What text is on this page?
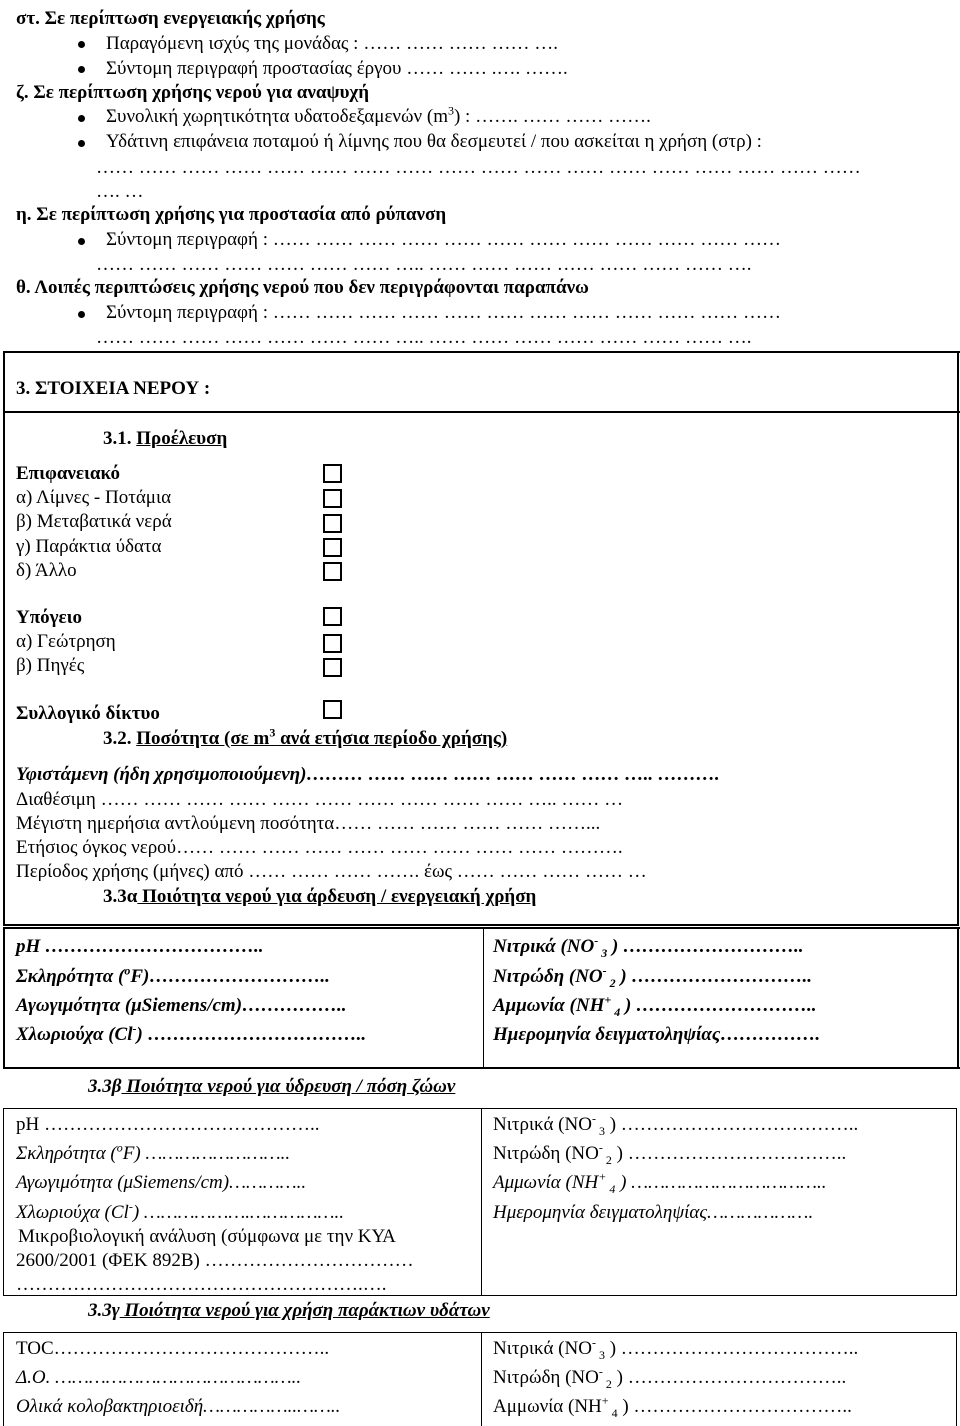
στ. Σε περίπτωση ενεργειακής χρήσης
Παραγόμενη ισχύς της μονάδας : …… …… …… …… ….
Σύντομη περιγραφή προστασίας έργου …… …… .…. …….
ζ. Σε περίπτωση χρήσης νερού για αναψυχή
Συνολική χωρητικότητα υδατοδεξαμενών $(m^3)$ : ……. …… …… …….
Υδάτινη επιφάνεια ποταμού ή λίμνης που θα δεσμευτεί / που ασκείται η χρήση (στρ) :
…… …… …… …… …… …… …… …… …… …… …… …… …… …… …… …… …… ……
…. …
η. Σε περίπτωση χρήσης για προστασία από ρύπανση
Σύντομη περιγραφή : …… …… …… …… …… …… …… …… …… …… …… ……
…… …… …… …… …… …… …… ….. …… …… …… …… …… …… …… ….
θ. Λοιπές περιπτώσεις χρήσης νερού που δεν περιγράφονται παραπάνω
Σύντομη περιγραφή : …… …… …… …… …… …… …… …… …… …… …… ……
…… …… …… …… …… …… …… ….. …… …… …… …… …… …… …… ….
3. ΣΤΟΙΧΕΙΑ ΝΕΡΟΥ :
3.1. Προέλευση
Επιφανειακό
α) Λίμνες - Ποτάμια
β) Μεταβατικά νερά
γ) Παράκτια ύδατα
δ) Άλλο
Υπόγειο
α) Γεώτρηση
β) Πηγές
Συλλογικό δίκτυο
3.2. Ποσότητα (σε $m^3$ ανά ετήσια περίοδο χρήσης)
Υφιστάμενη (ήδη χρησιμοποιούμενη)……… …… …… …… …… …… …… ….. ……….
Διαθέσιμη …… …… …… …… …… …… …… …… …… …… ….. …… …
Μέγιστη ημερήσια αντλούμενη ποσότητα…… …… …… …… …… ……...
Ετήσιος όγκος νερού…… …… …… …… …… …… …… …… …… ……….
Περίοδος χρήσης (μήνες) από …… …… …… ……. έως …… …… …… …… …
3.3α Ποιότητα νερού για άρδευση / ενεργειακή χρήση
pH ……………………………..
Σκληρότητα ($^o$F)………………………..
Αγωγιμότητα (μSiemens/cm)……………..
Χλωριούχα (Cl-) ……………………………..
Νιτρικά (ΝΟ- $_3$ ) ………………………..
Νιτρώδη (ΝΟ- $_2$ ) ………………………..
Αμμωνία (ΝΗ+ $_4$ ) ………………………..
Ημερομηνία δειγματοληψίας…………….
3.3β Ποιότητα νερού για ύδρευση / πόση ζώων
pH ……………………………………..
Σκληρότητα ($^o$F) ……………………..
Αγωγιμότητα (μSiemens/cm)…………..
Χλωριούχα (Cl-) ……………….……………..
Μικροβιολογική ανάλυση (σύμφωνα με την ΚΥΑ
2600/2001 (ΦΕΚ 892Β) ……………………………
……………………………………………….….
Νιτρικά (ΝΟ- $_3$ ) ………………………………..
Νιτρώδη (ΝΟ- $_2$ ) ……………………………..
Αμμωνία (ΝΗ+ $_4$ ) ……………………………..
Ημερομηνία δειγματοληψίας……………….
3.3γ Ποιότητα νερού για χρήση παράκτιων υδάτων
TOC……………………………………..
Δ.Ο. ……………………………………..
Ολικά κολοβακτηριοειδή……………..……..
Νιτρικά (ΝΟ- $_3$ ) ………………………………..
Νιτρώδη (ΝΟ- $_2$ ) ……………………………..
Αμμωνία (ΝΗ+ $_4$ ) ……………………………..
